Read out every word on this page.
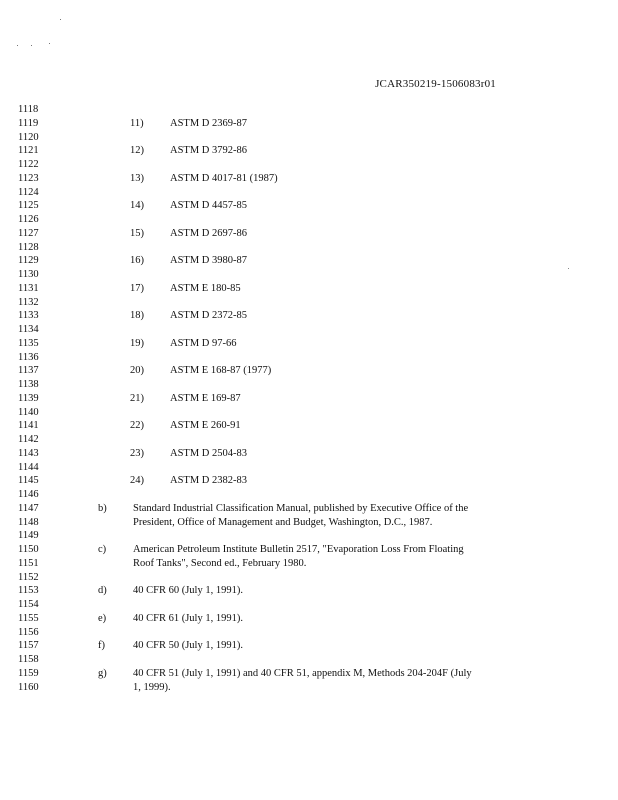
JCAR350219-1506083r01
1118
1119	11)	ASTM D 2369-87
1120
1121	12) ASTM D 3792-86
1122
1123	13) ASTM D 4017-81 (1987)
1124
1125	14) ASTM D 4457-85
1126
1127	15) ASTM D 2697-86
1128
1129	16) ASTM D 3980-87
1130
1131	17) ASTM E 180-85
1132
1133	18) ASTM D 2372-85
1134
1135	19) ASTM D 97-66
1136
1137	20) ASTM E 168-87 (1977)
1138
1139	21) ASTM E 169-87
1140
1141	22) ASTM E 260-91
1142
1143	23) ASTM D 2504-83
1144
1145	24) ASTM D 2382-83
1146
1147	b)	Standard Industrial Classification Manual, published by Executive Office of the
1148	President, Office of Management and Budget, Washington, D.C., 1987.
1149
1150	c)	American Petroleum Institute Bulletin 2517, "Evaporation Loss From Floating
1151	Roof Tanks", Second ed., February 1980.
1152
1153	d)	40 CFR 60 (July 1, 1991).
1154
1155	e)	40 CFR 61 (July 1, 1991).
1156
1157	f)	40 CFR 50 (July 1, 1991).
1158
1159	g)	40 CFR 51 (July 1, 1991) and 40 CFR 51, appendix M, Methods 204-204F (July
1160	1, 1999).
